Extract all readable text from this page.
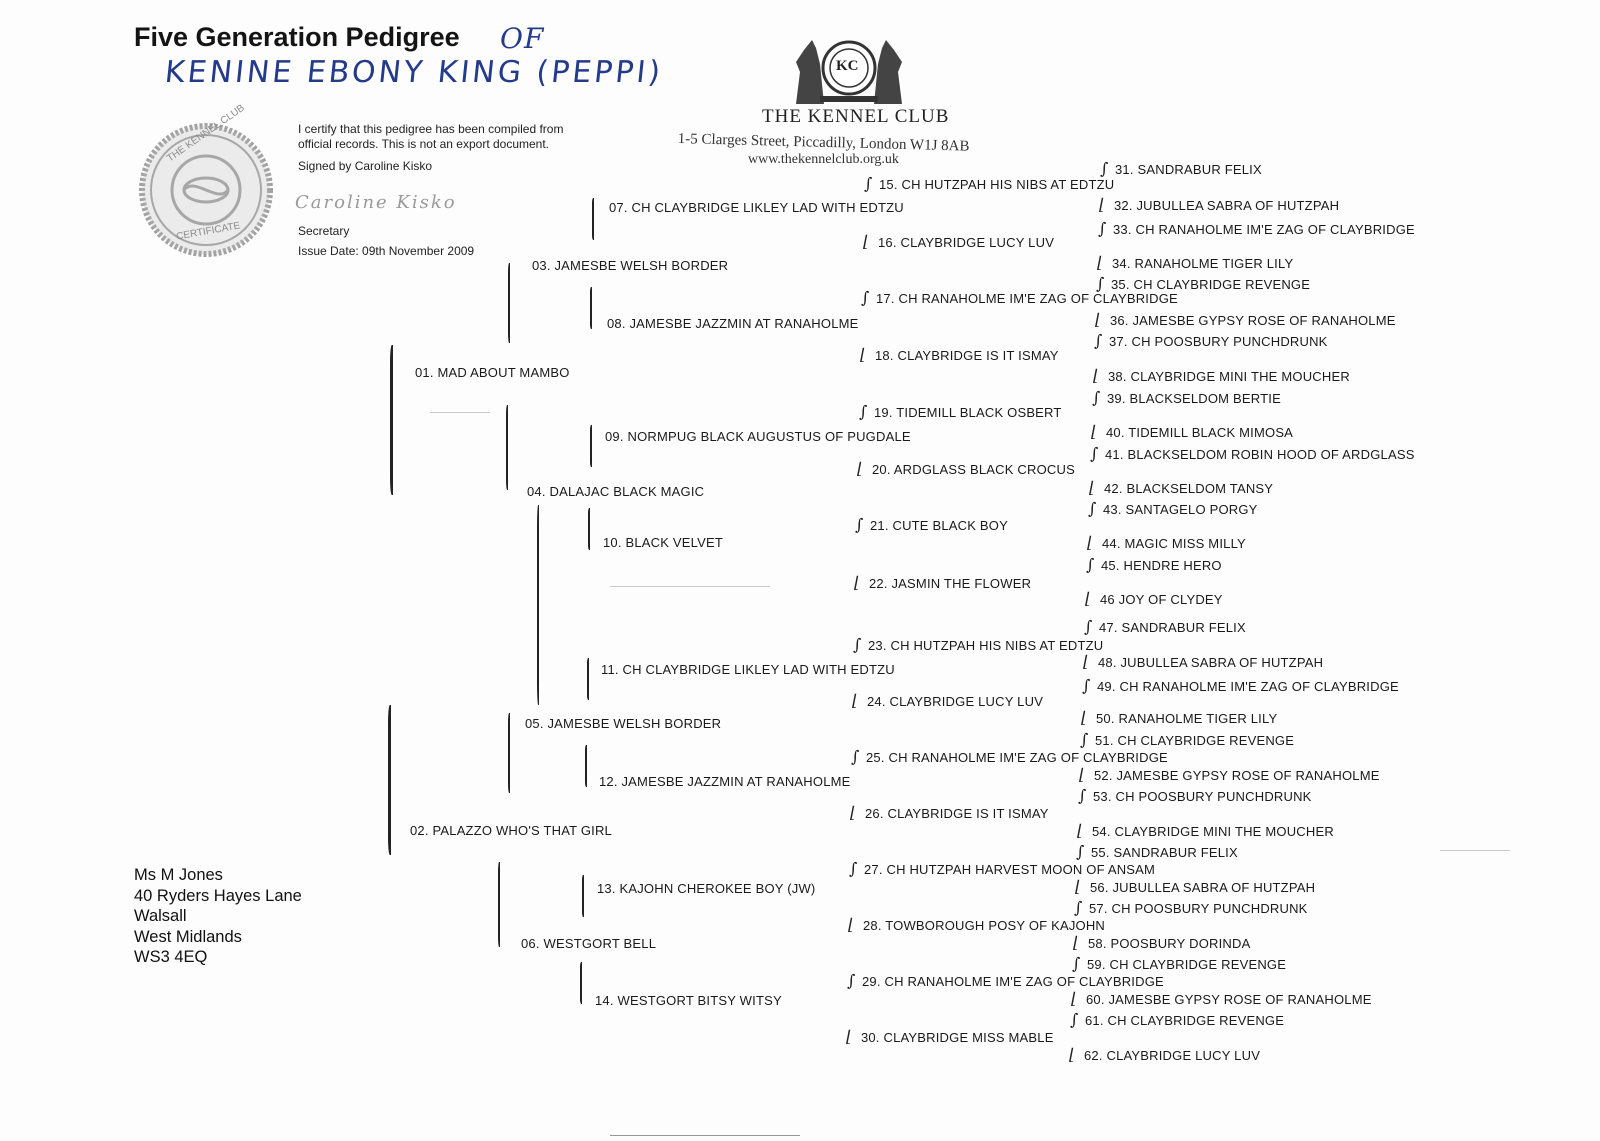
Five Generation Pedigree OF
KENINE EBONY KING (PEPPI)
THE KENNEL CLUB
CERTIFICATE
I certify that this pedigree has been compiled from
official records. This is not an export document.
Signed by Caroline Kisko
Caroline Kisko
Secretary
Issue Date: 09th November 2009
KC
THE KENNEL CLUB
1-5 Clarges Street, Piccadilly, London W1J 8AB
www.thekennelclub.org.uk
Ms M Jones
40 Ryders Hayes Lane
Walsall
West Midlands
WS3 4EQ
01. MAD ABOUT MAMBO
02. PALAZZO WHO'S THAT GIRL
03. JAMESBE WELSH BORDER
04. DALAJAC BLACK MAGIC
05. JAMESBE WELSH BORDER
06. WESTGORT BELL
07. CH CLAYBRIDGE LIKLEY LAD WITH EDTZU
08. JAMESBE JAZZMIN AT RANAHOLME
09. NORMPUG BLACK AUGUSTUS OF PUGDALE
10. BLACK VELVET
11. CH CLAYBRIDGE LIKLEY LAD WITH EDTZU
12. JAMESBE JAZZMIN AT RANAHOLME
13. KAJOHN CHEROKEE BOY (JW)
14. WESTGORT BITSY WITSY
∫ 15. CH HUTZPAH HIS NIBS AT EDTZU
⌊ 16. CLAYBRIDGE LUCY LUV
∫ 17. CH RANAHOLME IM'E ZAG OF CLAYBRIDGE
⌊ 18. CLAYBRIDGE IS IT ISMAY
∫ 19. TIDEMILL BLACK OSBERT
⌊ 20. ARDGLASS BLACK CROCUS
∫ 21. CUTE BLACK BOY
⌊ 22. JASMIN THE FLOWER
∫ 23. CH HUTZPAH HIS NIBS AT EDTZU
⌊ 24. CLAYBRIDGE LUCY LUV
∫ 25. CH RANAHOLME IM'E ZAG OF CLAYBRIDGE
⌊ 26. CLAYBRIDGE IS IT ISMAY
∫ 27. CH HUTZPAH HARVEST MOON OF ANSAM
⌊ 28. TOWBOROUGH POSY OF KAJOHN
∫ 29. CH RANAHOLME IM'E ZAG OF CLAYBRIDGE
⌊ 30. CLAYBRIDGE MISS MABLE
∫ 31. SANDRABUR FELIX
⌊ 32. JUBULLEA SABRA OF HUTZPAH
∫ 33. CH RANAHOLME IM'E ZAG OF CLAYBRIDGE
⌊ 34. RANAHOLME TIGER LILY
∫ 35. CH CLAYBRIDGE REVENGE
⌊ 36. JAMESBE GYPSY ROSE OF RANAHOLME
∫ 37. CH POOSBURY PUNCHDRUNK
⌊ 38. CLAYBRIDGE MINI THE MOUCHER
∫ 39. BLACKSELDOM BERTIE
⌊ 40. TIDEMILL BLACK MIMOSA
∫ 41. BLACKSELDOM ROBIN HOOD OF ARDGLASS
⌊ 42. BLACKSELDOM TANSY
∫ 43. SANTAGELO PORGY
⌊ 44. MAGIC MISS MILLY
∫ 45. HENDRE HERO
⌊ 46 JOY OF CLYDEY
∫ 47. SANDRABUR FELIX
⌊ 48. JUBULLEA SABRA OF HUTZPAH
∫ 49. CH RANAHOLME IM'E ZAG OF CLAYBRIDGE
⌊ 50. RANAHOLME TIGER LILY
∫ 51. CH CLAYBRIDGE REVENGE
⌊ 52. JAMESBE GYPSY ROSE OF RANAHOLME
∫ 53. CH POOSBURY PUNCHDRUNK
⌊ 54. CLAYBRIDGE MINI THE MOUCHER
∫ 55. SANDRABUR FELIX
⌊ 56. JUBULLEA SABRA OF HUTZPAH
∫ 57. CH POOSBURY PUNCHDRUNK
⌊ 58. POOSBURY DORINDA
∫ 59. CH CLAYBRIDGE REVENGE
⌊ 60. JAMESBE GYPSY ROSE OF RANAHOLME
∫ 61. CH CLAYBRIDGE REVENGE
⌊ 62. CLAYBRIDGE LUCY LUV
